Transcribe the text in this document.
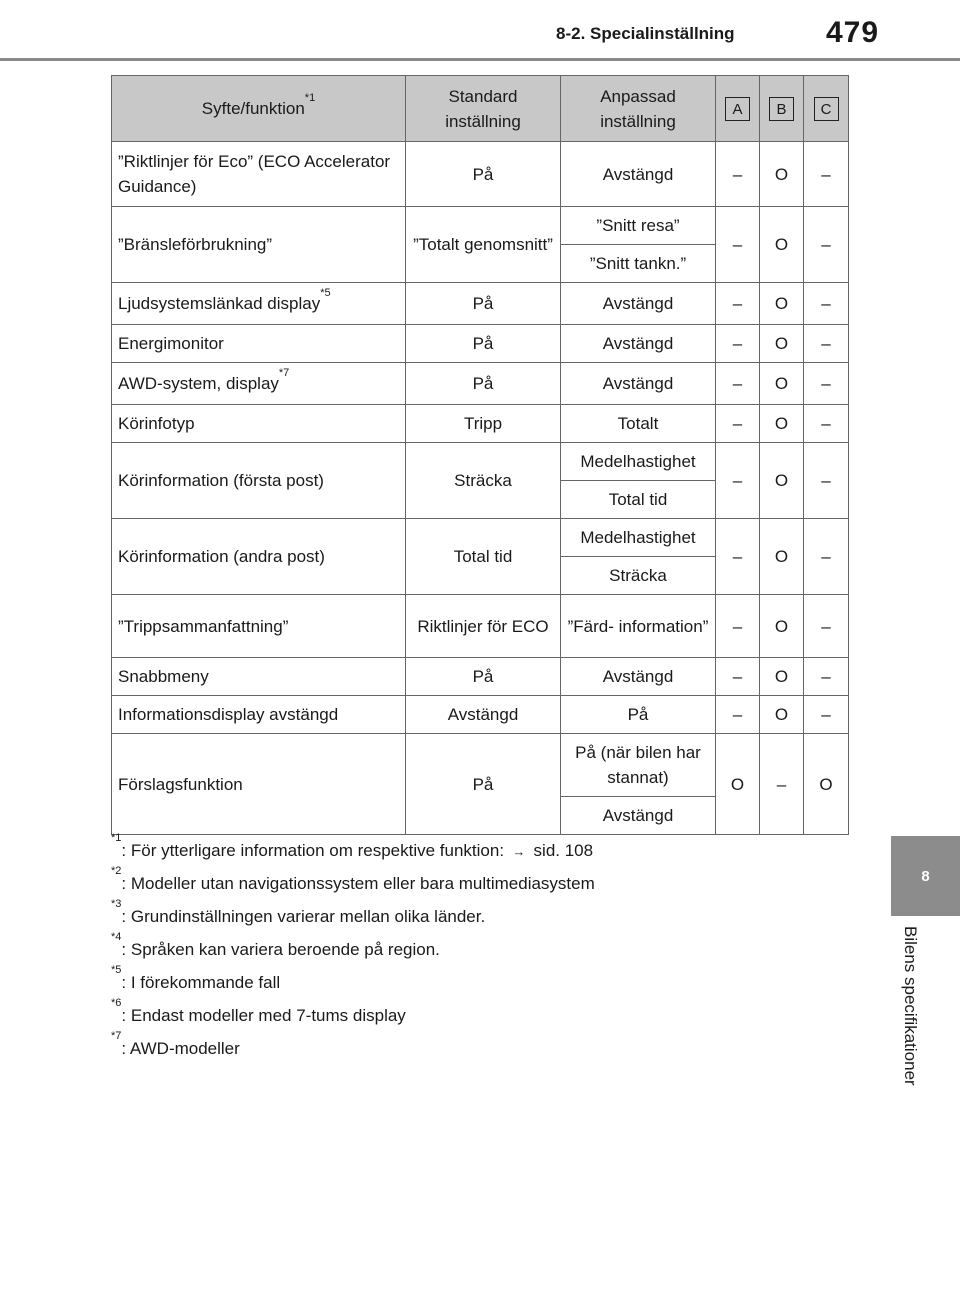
8-2. Specialinställning	479
8
Bilens specifikationer
Syfte/funktion$^{*1}$	Standard inställning	Anpassad inställning	A	B	C
”Riktlinjer för Eco” (ECO Accelerator Guidance)	På	Avstängd	–	O	–
”Bränsleförbrukning”	”Totalt genomsnitt”	”Snitt resa”	–	O	–
		”Snitt tankn.”			
Ljudsystemslänkad display$^{*5}$	På	Avstängd	–	O	–
Energimonitor	På	Avstängd	–	O	–
AWD-system, display$^{*7}$	På	Avstängd	–	O	–
Körinfotyp	Tripp	Totalt	–	O	–
Körinformation (första post)	Sträcka	Medelhastighet	–	O	–
		Total tid			
Körinformation (andra post)	Total tid	Medelhastighet	–	O	–
		Sträcka			
”Trippsammanfattning”	Riktlinjer för ECO	”Färd- information”	–	O	–
Snabbmeny	På	Avstängd	–	O	–
Informationsdisplay avstängd	Avstängd	På	–	O	–
Förslagsfunktion	På	På (när bilen har stannat)	O	–	O
		Avstängd			
$^{*1}$: För ytterligare information om respektive funktion: → sid. 108
$^{*2}$: Modeller utan navigationssystem eller bara multimediasystem
$^{*3}$: Grundinställningen varierar mellan olika länder.
$^{*4}$: Språken kan variera beroende på region.
$^{*5}$: I förekommande fall
$^{*6}$: Endast modeller med 7-tums display
$^{*7}$: AWD-modeller
